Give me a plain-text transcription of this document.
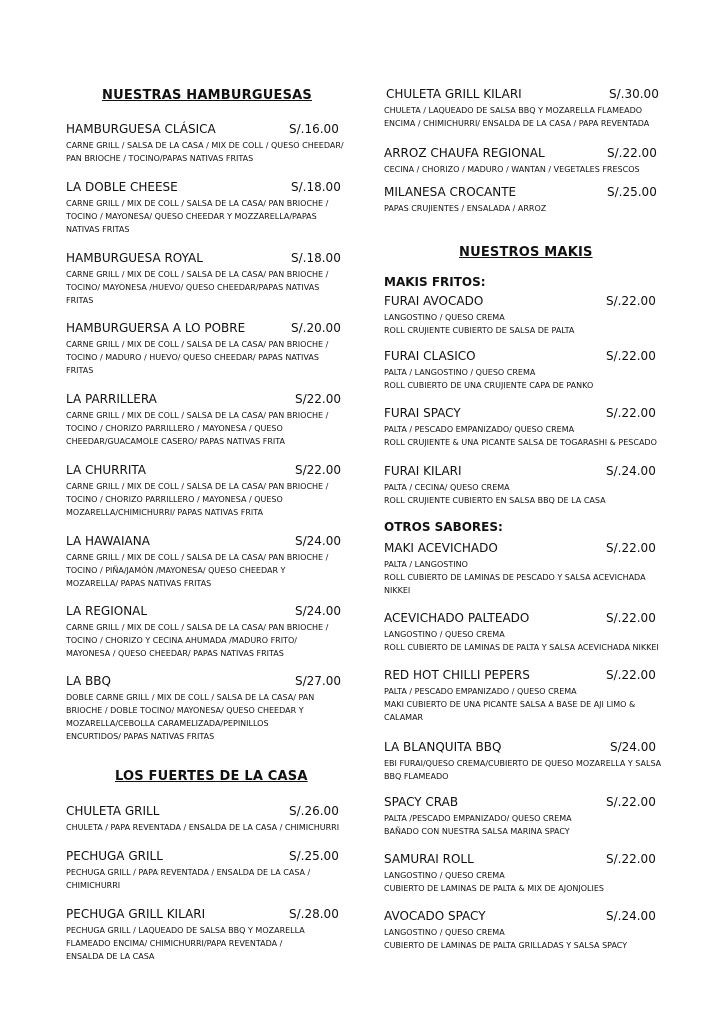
NUESTRAS HAMBURGUESAS
HAMBURGUESA CLÁSICA	S/.16.00
CARNE GRILL / SALSA DE LA CASA / MIX DE COLL / QUESO CHEEDAR/
PAN BRIOCHE / TOCINO/PAPAS NATIVAS FRITAS
LA DOBLE CHEESE	S/.18.00
CARNE GRILL / MIX DE COLL / SALSA DE LA CASA/ PAN BRIOCHE /
TOCINO / MAYONESA/ QUESO CHEEDAR Y MOZZARELLA/PAPAS
NATIVAS FRITAS
HAMBURGUESA ROYAL	S/.18.00
CARNE GRILL / MIX DE COLL / SALSA DE LA CASA/ PAN BRIOCHE /
TOCINO/ MAYONESA /HUEVO/ QUESO CHEEDAR/PAPAS NATIVAS
FRITAS
HAMBURGUERSA A LO POBRE	S/.20.00
CARNE GRILL / MIX DE COLL / SALSA DE LA CASA/ PAN BRIOCHE /
TOCINO / MADURO / HUEVO/ QUESO CHEEDAR/ PAPAS NATIVAS
FRITAS
LA PARRILLERA	S/22.00
CARNE GRILL / MIX DE COLL / SALSA DE LA CASA/ PAN BRIOCHE /
TOCINO / CHORIZO PARRILLERO / MAYONESA / QUESO
CHEEDAR/GUACAMOLE CASERO/ PAPAS NATIVAS FRITA
LA CHURRITA	S/22.00
CARNE GRILL / MIX DE COLL / SALSA DE LA CASA/ PAN BRIOCHE /
TOCINO / CHORIZO PARRILLERO / MAYONESA / QUESO
MOZARELLA/CHIMICHURRI/ PAPAS NATIVAS FRITA
LA HAWAIANA	S/24.00
CARNE GRILL / MIX DE COLL / SALSA DE LA CASA/ PAN BRIOCHE /
TOCINO / PIÑA/JAMÓN /MAYONESA/ QUESO CHEEDAR Y
MOZARELLA/ PAPAS NATIVAS FRITAS
LA REGIONAL	S/24.00
CARNE GRILL / MIX DE COLL / SALSA DE LA CASA/ PAN BRIOCHE /
TOCINO / CHORIZO Y CECINA AHUMADA /MADURO FRITO/
MAYONESA / QUESO CHEEDAR/ PAPAS NATIVAS FRITAS
LA BBQ	S/27.00
DOBLE CARNE GRILL / MIX DE COLL / SALSA DE LA CASA/ PAN
BRIOCHE / DOBLE TOCINO/ MAYONESA/ QUESO CHEEDAR Y
MOZARELLA/CEBOLLA CARAMELIZADA/PEPINILLOS
ENCURTIDOS/ PAPAS NATIVAS FRITAS
LOS FUERTES DE LA CASA
CHULETA GRILL	S/.26.00
CHULETA / PAPA REVENTADA / ENSALDA DE LA CASA / CHIMICHURRI
PECHUGA GRILL	S/.25.00
PECHUGA GRILL / PAPA REVENTADA / ENSALDA DE LA CASA /
CHIMICHURRI
PECHUGA GRILL KILARI	S/.28.00
PECHUGA GRILL / LAQUEADO DE SALSA BBQ Y MOZARELLA
FLAMEADO ENCIMA/ CHIMICHURRI/PAPA REVENTADA /
ENSALDA DE LA CASA
CHULETA GRILL KILARI	S/.30.00
CHULETA / LAQUEADO DE SALSA BBQ Y MOZARELLA FLAMEADO
ENCIMA / CHIMICHURRI/ ENSALDA DE LA CASA / PAPA REVENTADA
ARROZ CHAUFA REGIONAL	S/.22.00
CECINA / CHORIZO / MADURO / WANTAN / VEGETALES FRESCOS
MILANESA CROCANTE	S/.25.00
PAPAS CRUJIENTES / ENSALADA / ARROZ
NUESTROS MAKIS
MAKIS FRITOS:
FURAI AVOCADO	S/.22.00
LANGOSTINO / QUESO CREMA
ROLL CRUJIENTE CUBIERTO DE SALSA DE PALTA
FURAI CLASICO	S/.22.00
PALTA / LANGOSTINO / QUESO CREMA
ROLL CUBIERTO DE UNA CRUJIENTE CAPA DE PANKO
FURAI SPACY	S/.22.00
PALTA / PESCADO EMPANIZADO/ QUESO CREMA
ROLL CRUJIENTE & UNA PICANTE SALSA DE TOGARASHI & PESCADO
FURAI KILARI	S/.24.00
PALTA / CECINA/ QUESO CREMA
ROLL CRUJIENTE CUBIERTO EN SALSA BBQ DE LA CASA
OTROS SABORES:
MAKI ACEVICHADO	S/.22.00
PALTA / LANGOSTINO
ROLL CUBIERTO DE LAMINAS DE PESCADO Y SALSA ACEVICHADA
NIKKEI
ACEVICHADO PALTEADO	S/.22.00
LANGOSTINO / QUESO CREMA
ROLL CUBIERTO DE LAMINAS DE PALTA Y SALSA ACEVICHADA NIKKEI
RED HOT CHILLI PEPERS	S/.22.00
PALTA / PESCADO EMPANIZADO / QUESO CREMA
MAKI CUBIERTO DE UNA PICANTE SALSA A BASE DE AJI LIMO &
CALAMAR
LA BLANQUITA BBQ	S/24.00
EBI FURAI/QUESO CREMA/CUBIERTO DE QUESO MOZARELLA Y SALSA
BBQ FLAMEADO
SPACY CRAB	S/.22.00
PALTA /PESCADO EMPANIZADO/ QUESO CREMA
BAÑADO CON NUESTRA SALSA MARINA SPACY
SAMURAI ROLL	S/.22.00
LANGOSTINO / QUESO CREMA
CUBIERTO DE LAMINAS DE PALTA & MIX DE AJONJOLIES
AVOCADO SPACY	S/.24.00
LANGOSTINO / QUESO CREMA
CUBIERTO DE LAMINAS DE PALTA GRILLADAS Y SALSA SPACY
